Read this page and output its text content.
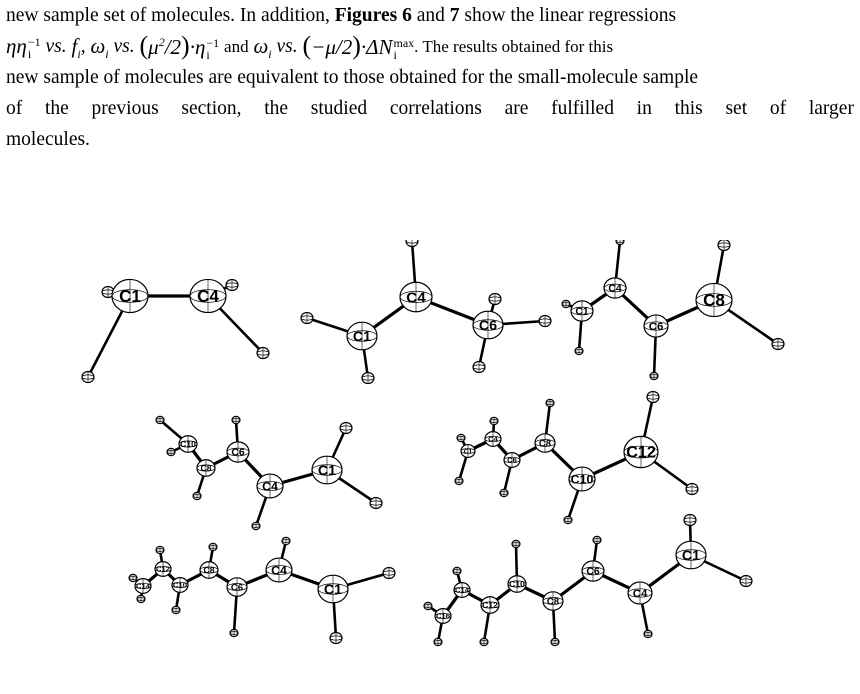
new sample set of molecules. In addition,
Figures 6
and
7
show the linear regressions
ηη −1
i
vs.
$f_i$ , $\omega_i$
vs.
$(\mu^2/2)\cdot\eta -1$
i
and
$\omega_i$
vs.
(−μ/2)·ΔN max
i	. The results obtained for this
new sample of molecules are equivalent to those obtained for the small-molecule sample
of the previous section, the studied correlations are fulfilled in this set of larger
molecules.
C1	C4
C1
C4
C6
C1
C4
C6
C8
C10
C8
C6
C4
C1
C1
C4
C6
C8
C10
C12
C14
C12
C10
C8
C6
C4
C1
C16
C14
C12
C10
C8
C6
C4
C1
